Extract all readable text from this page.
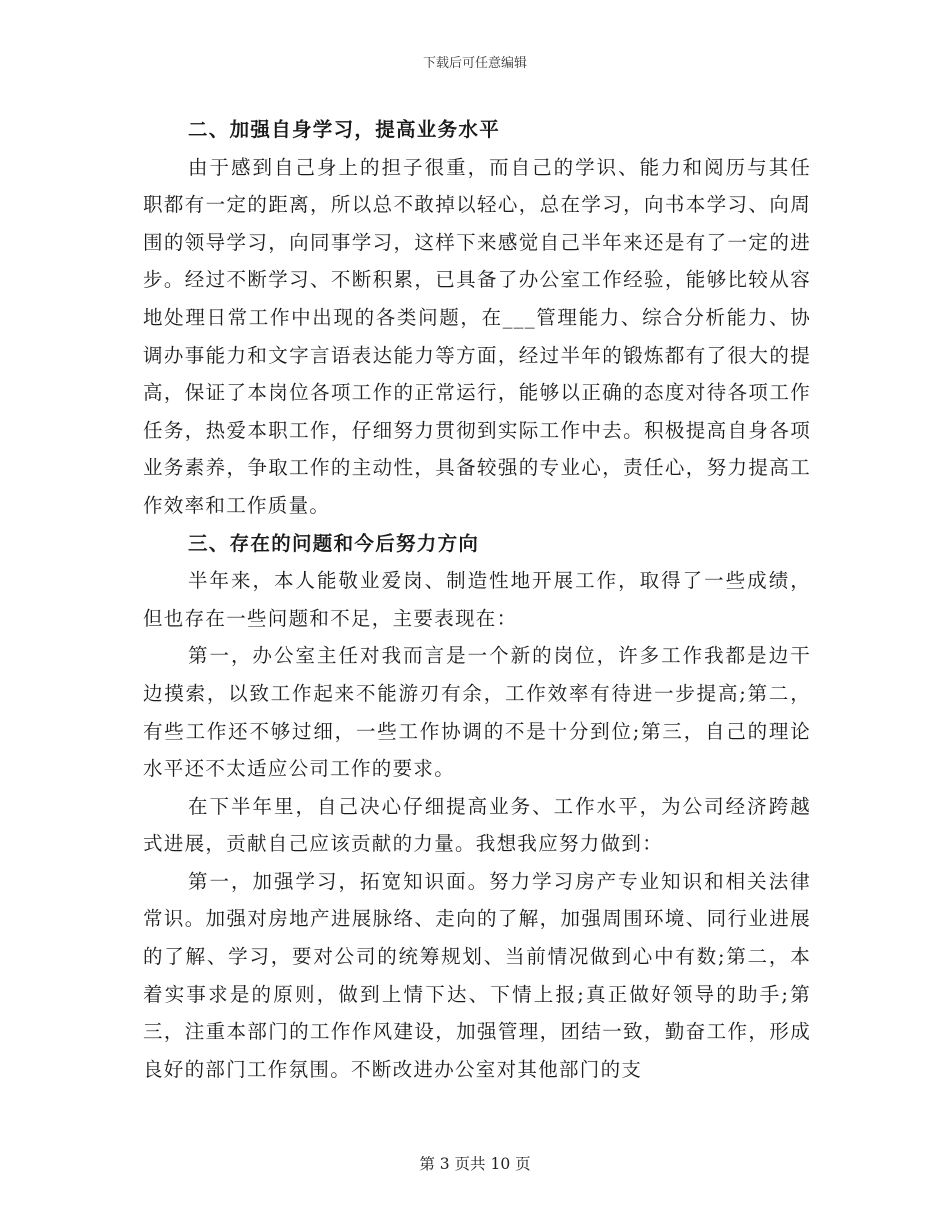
下载后可任意编辑

二、加强自身学习，提高业务水平

由于感到自己身上的担子很重，而自己的学识、能力和阅历与其任职都有一定的距离，所以总不敢掉以轻心，总在学习，向书本学习、向周围的领导学习，向同事学习，这样下来感觉自己半年来还是有了一定的进步。经过不断学习、不断积累，已具备了办公室工作经验，能够比较从容地处理日常工作中出现的各类问题，在___管理能力、综合分析能力、协调办事能力和文字言语表达能力等方面，经过半年的锻炼都有了很大的提高，保证了本岗位各项工作的正常运行，能够以正确的态度对待各项工作任务，热爱本职工作，仔细努力贯彻到实际工作中去。积极提高自身各项业务素养，争取工作的主动性，具备较强的专业心，责任心，努力提高工作效率和工作质量。

三、存在的问题和今后努力方向

半年来，本人能敬业爱岗、制造性地开展工作，取得了一些成绩，但也存在一些问题和不足，主要表现在：

第一，办公室主任对我而言是一个新的岗位，许多工作我都是边干边摸索，以致工作起来不能游刃有余，工作效率有待进一步提高;第二，有些工作还不够过细，一些工作协调的不是十分到位;第三，自己的理论水平还不太适应公司工作的要求。

在下半年里，自己决心仔细提高业务、工作水平，为公司经济跨越式进展，贡献自己应该贡献的力量。我想我应努力做到：

第一，加强学习，拓宽知识面。努力学习房产专业知识和相关法律常识。加强对房地产进展脉络、走向的了解，加强周围环境、同行业进展的了解、学习，要对公司的统筹规划、当前情况做到心中有数;第二，本着实事求是的原则，做到上情下达、下情上报;真正做好领导的助手;第三，注重本部门的工作作风建设，加强管理，团结一致，勤奋工作，形成良好的部门工作氛围。不断改进办公室对其他部门的支

第 3 页共 10 页
